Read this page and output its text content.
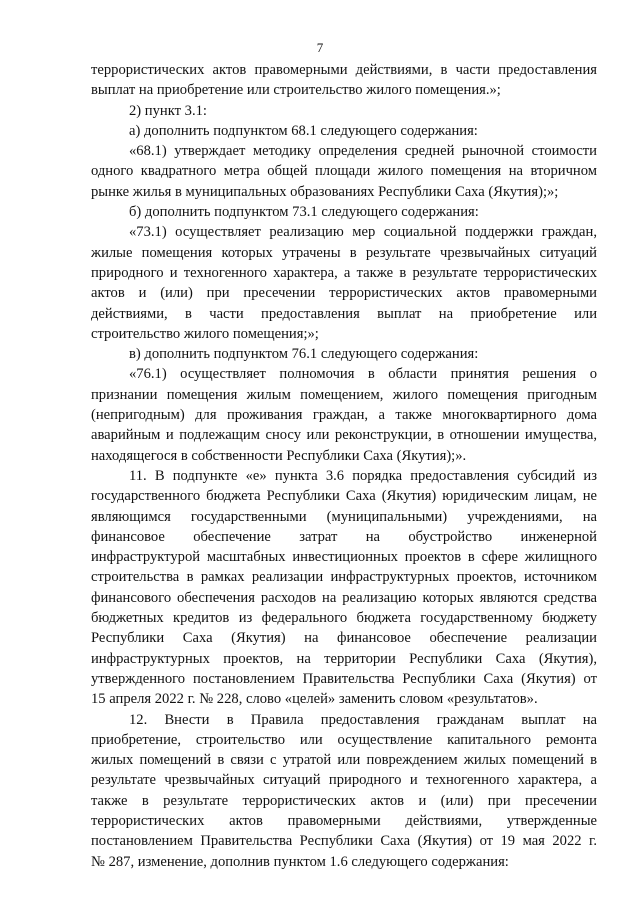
7
террористических актов правомерными действиями, в части предоставления
выплат на приобретение или строительство жилого помещения.»;
2) пункт 3.1:
а) дополнить подпунктом 68.1 следующего содержания:
«68.1) утверждает методику определения средней рыночной стоимости
одного квадратного метра общей площади жилого помещения на вторичном
рынке жилья в муниципальных образованиях Республики Саха (Якутия);»;
б) дополнить подпунктом 73.1 следующего содержания:
«73.1) осуществляет реализацию мер социальной поддержки граждан,
жилые помещения которых утрачены в результате чрезвычайных ситуаций
природного и техногенного характера, а также в результате террористических
актов и (или) при пресечении террористических актов правомерными
действиями, в части предоставления выплат на приобретение или
строительство жилого помещения;»;
в) дополнить подпунктом 76.1 следующего содержания:
«76.1) осуществляет полномочия в области принятия решения о
признании помещения жилым помещением, жилого помещения пригодным
(непригодным) для проживания граждан, а также многоквартирного дома
аварийным и подлежащим сносу или реконструкции, в отношении имущества,
находящегося в собственности Республики Саха (Якутия);».
11. В подпункте «е» пункта 3.6 порядка предоставления субсидий из
государственного бюджета Республики Саха (Якутия) юридическим лицам, не
являющимся государственными (муниципальными) учреждениями, на
финансовое обеспечение затрат на обустройство инженерной
инфраструктурой масштабных инвестиционных проектов в сфере жилищного
строительства в рамках реализации инфраструктурных проектов, источником
финансового обеспечения расходов на реализацию которых являются средства
бюджетных кредитов из федерального бюджета государственному бюджету
Республики Саха (Якутия) на финансовое обеспечение реализации
инфраструктурных проектов, на территории Республики Саха (Якутия),
утвержденного постановлением Правительства Республики Саха (Якутия) от
15 апреля 2022 г. № 228, слово «целей» заменить словом «результатов».
12. Внести в Правила предоставления гражданам выплат на
приобретение, строительство или осуществление капитального ремонта
жилых помещений в связи с утратой или повреждением жилых помещений в
результате чрезвычайных ситуаций природного и техногенного характера, а
также в результате террористических актов и (или) при пресечении
террористических актов правомерными действиями, утвержденные
постановлением Правительства Республики Саха (Якутия) от 19 мая 2022 г.
№ 287, изменение, дополнив пунктом 1.6 следующего содержания:
